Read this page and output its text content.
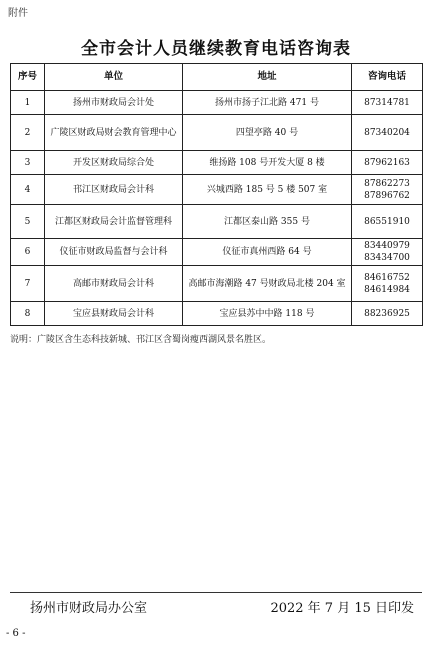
附件
全市会计人员继续教育电话咨询表
序号	单位	地址	咨询电话
1	扬州市财政局会计处	扬州市扬子江北路 471 号	87314781

2	广陵区财政局财会教育管理中心	四望亭路 40 号	87340204

3	开发区财政局综合处	维扬路 108 号开发大厦 8 楼	87962163

4	邗江区财政局会计科	兴城西路 185 号 5 楼 507 室	87862273
87896762

5	江都区财政局会计监督管理科	江都区泰山路 355 号	86551910

6	仪征市财政局监督与会计科	仪征市真州西路 64 号	83440979
83434700

7	高邮市财政局会计科	高邮市海潮路 47 号财政局北楼 204 室	84616752
84614984

8	宝应县财政局会计科	宝应县苏中中路 118 号	88236925
说明：广陵区含生态科技新城、邗江区含蜀岗瘦西湖风景名胜区。
扬州市财政局办公室	2022 年 7 月 15 日印发
- 6 -
